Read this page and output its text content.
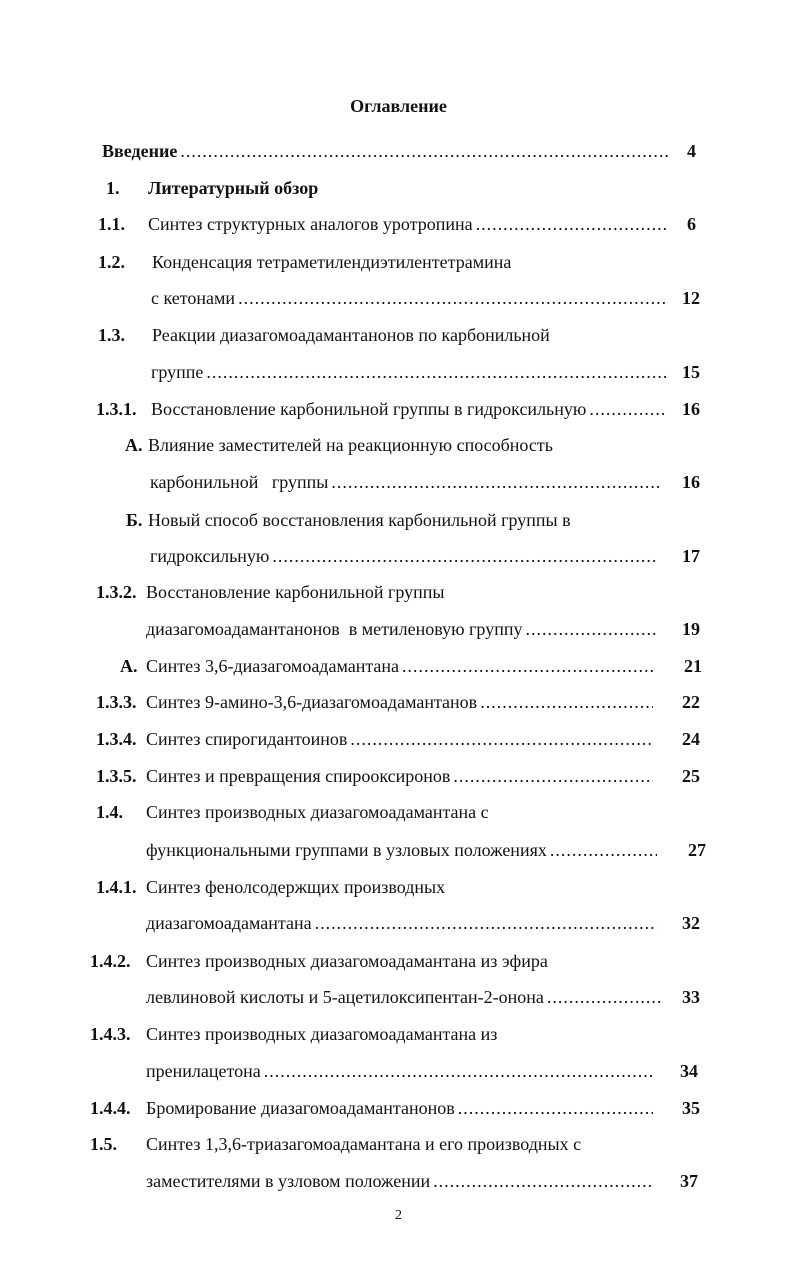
Оглавление
Введение .....	4
1. Литературный обзор
1.1. Синтез структурных аналогов уротропина .....	6
1.2. Конденсация тетраметилендиэтилентетрамина
с кетонами .....	12
1.3. Реакции диазагомоадамантанонов по карбонильной
группе .....	15
1.3.1. Восстановление карбонильной группы в гидроксильную .....	16
А. Влияние заместителей на реакционную способность
карбонильной   группы .....	16
Б. Новый способ восстановления карбонильной группы в
гидроксильную .....	17
1.3.2. Восстановление карбонильной группы
диазагомоадамантанонов  в метиленовую группу .....	19
А. Синтез 3,6-диазагомоадамантана .....	21
1.3.3. Синтез 9-амино-3,6-диазагомоадамантанов .....	22
1.3.4. Синтез спирогидантоинов .....	24
1.3.5. Синтез и превращения спирооксиронов .....	25
1.4. Синтез производных диазагомоадамантана с
функциональными группами в узловых положениях .....	27
1.4.1. Синтез фенолсодержщих производных
диазагомоадамантана .....	32
1.4.2. Синтез производных диазагомоадамантана из эфира
левлиновой кислоты и 5-ацетилоксипентан-2-онона .....	33
1.4.3. Синтез производных диазагомоадамантана из
пренилацетона .....	34
1.4.4. Бромирование диазагомоадамантанонов .....	35
1.5. Синтез 1,3,6-триазагомоадамантана и его производных с
заместителями в узловом положении .....	37
2
